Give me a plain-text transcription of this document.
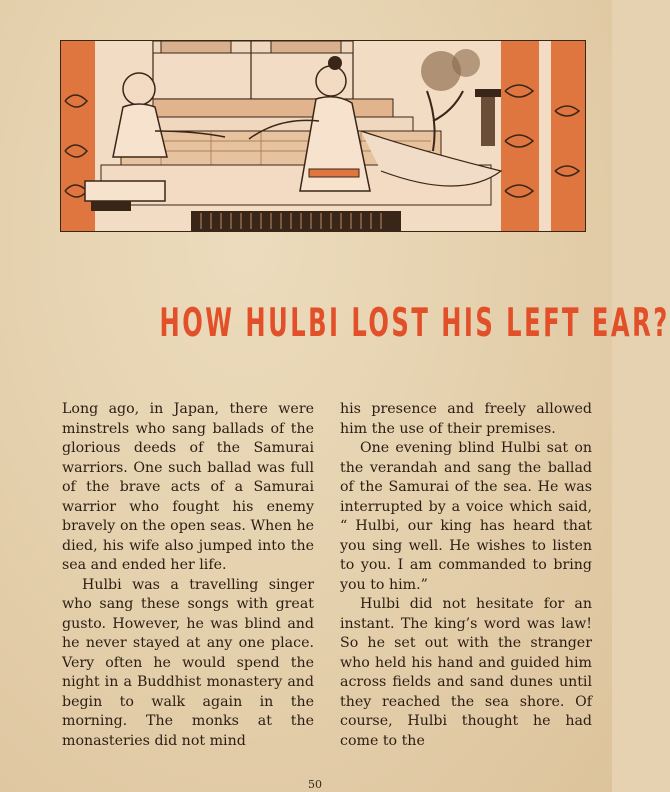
HOW HULBI LOST HIS LEFT EAR?

Long ago, in Japan, there were minstrels who sang ballads of the glorious deeds of the Samurai warriors. One such ballad was full of the brave acts of a Samurai warrior who fought his enemy bravely on the open seas. When he died, his wife also jumped into the sea and ended her life.

Hulbi was a travelling singer who sang these songs with great gusto. However, he was blind and he never stayed at any one place. Very often he would spend the night in a Buddhist monastery and begin to walk again in the morning. The monks at the monasteries did not mind

his presence and freely allowed him the use of their premises.

One evening blind Hulbi sat on the verandah and sang the ballad of the Samurai of the sea. He was interrupted by a voice which said, “ Hulbi, our king has heard that you sing well. He wishes to listen to you. I am commanded to bring you to him.”

Hulbi did not hesitate for an instant. The king’s word was law! So he set out with the stranger who held his hand and guided him across fields and sand dunes until they reached the sea shore. Of course, Hulbi thought he had come to the

50
